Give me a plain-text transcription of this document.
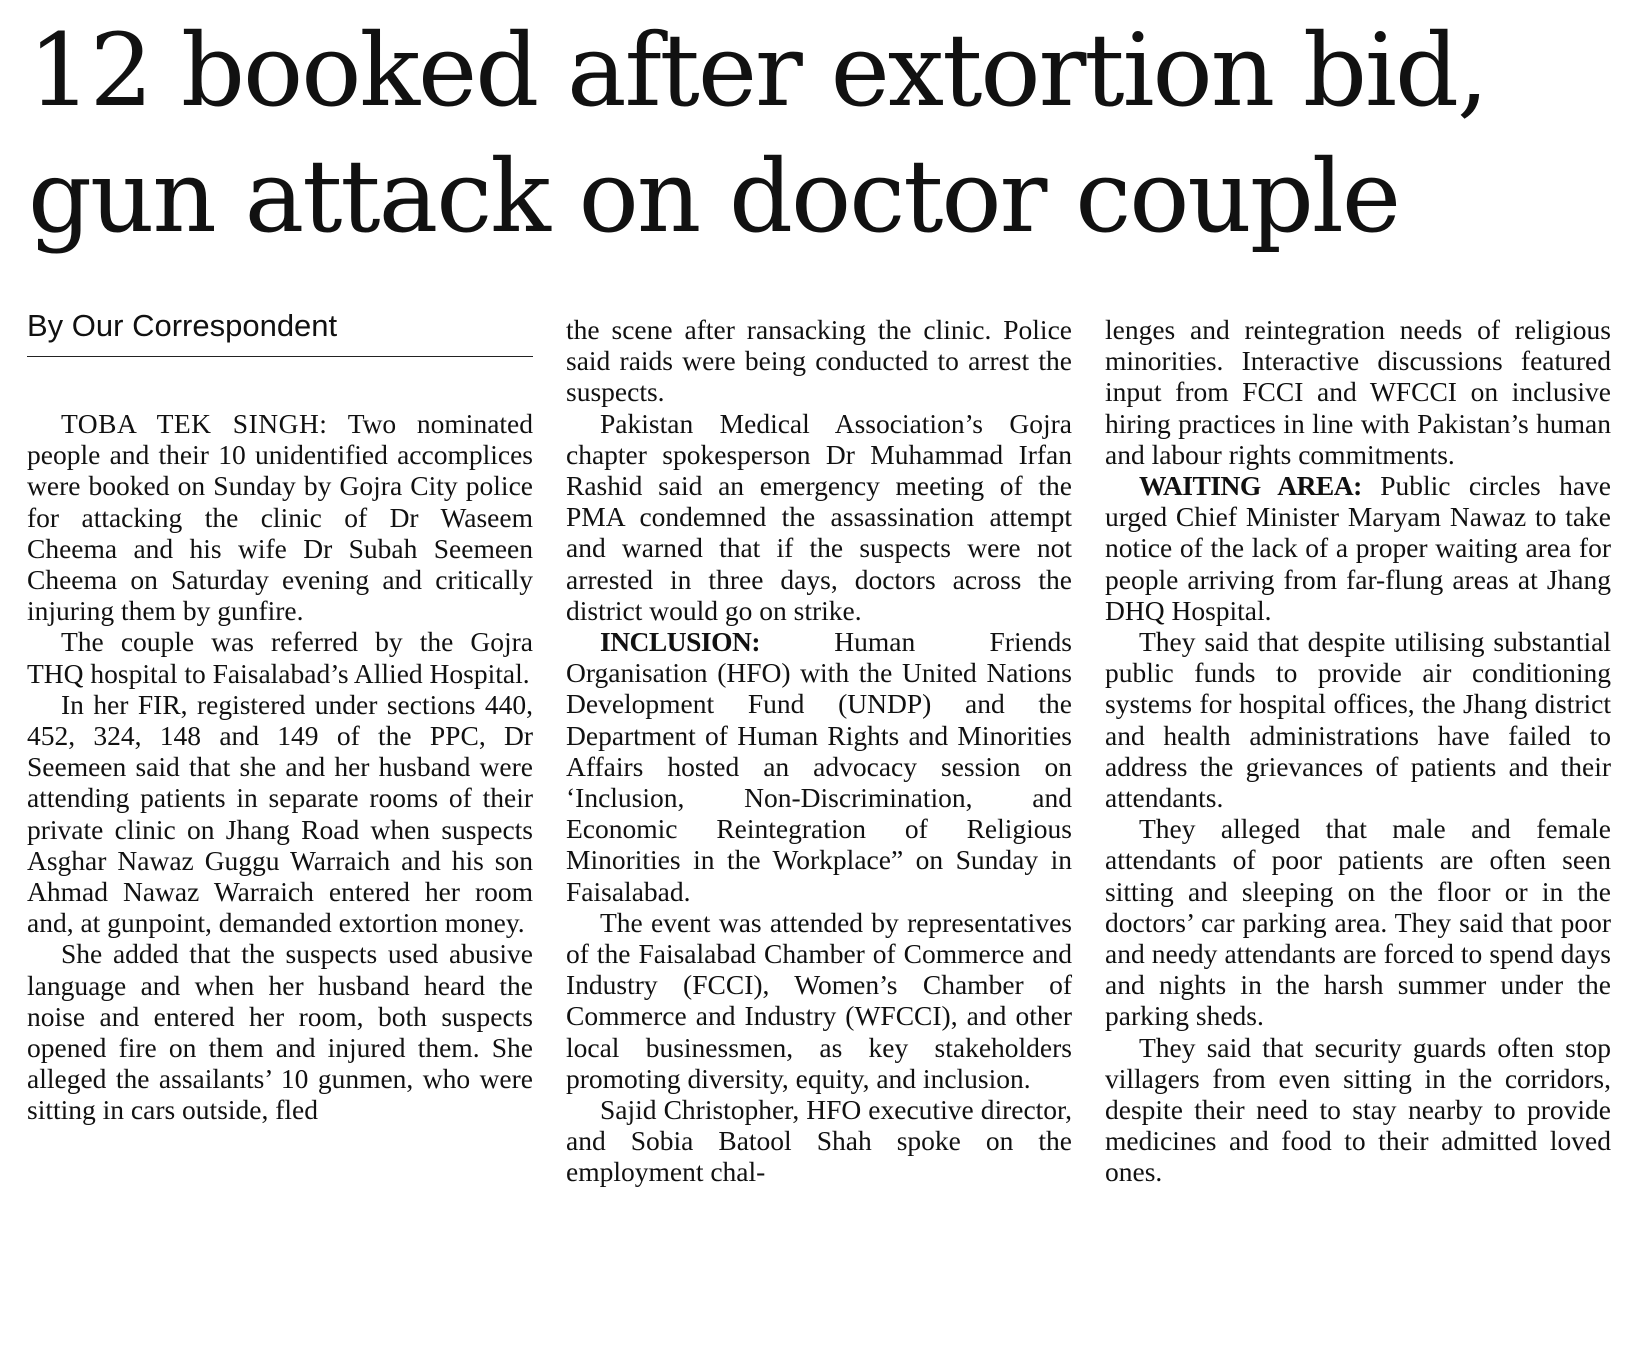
12 booked after extortion bid,
gun attack on doctor couple
By Our Correspondent

TOBA TEK SINGH: Two nominated people and their 10 unidentified accomplices were booked on Sunday by Gojra City police for attacking the clinic of Dr Waseem Cheema and his wife Dr Subah Seemeen Cheema on Saturday evening and critically injuring them by gunfire.

The couple was referred by the Gojra THQ hospital to Faisalabad’s Allied Hospital.

In her FIR, registered under sections 440, 452, 324, 148 and 149 of the PPC, Dr Seemeen said that she and her husband were attending patients in separate rooms of their private clinic on Jhang Road when suspects Asghar Nawaz Guggu Warraich and his son Ahmad Nawaz Warraich entered her room and, at gunpoint, demanded extortion money.

She added that the suspects used abusive language and when her husband heard the noise and entered her room, both suspects opened fire on them and injured them. She alleged the assailants’ 10 gunmen, who were sitting in cars outside, fled

the scene after ransacking the clinic. Police said raids were being conducted to arrest the suspects.

Pakistan Medical Association’s Gojra chapter spokesperson Dr Muhammad Irfan Rashid said an emergency meeting of the PMA condemned the assassination attempt and warned that if the suspects were not arrested in three days, doctors across the district would go on strike.

INCLUSION: Human Friends Organisation (HFO) with the United Nations Development Fund (UNDP) and the Department of Human Rights and Minorities Affairs hosted an advocacy session on ‘Inclusion, Non-Discrimination, and Economic Reintegration of Religious Minorities in the Workplace” on Sunday in Faisalabad.

The event was attended by representatives of the Faisalabad Chamber of Commerce and Industry (FCCI), Women’s Chamber of Commerce and Industry (WFCCI), and other local businessmen, as key stakeholders promoting diversity, equity, and inclusion.

Sajid Christopher, HFO executive director, and Sobia Batool Shah spoke on the employment chal-

lenges and reintegration needs of religious minorities. Interactive discussions featured input from FCCI and WFCCI on inclusive hiring practices in line with Pakistan’s human and labour rights commitments.

WAITING AREA: Public circles have urged Chief Minister Maryam Nawaz to take notice of the lack of a proper waiting area for people arriving from far-flung areas at Jhang DHQ Hospital.

They said that despite utilising substantial public funds to provide air conditioning systems for hospital offices, the Jhang district and health administrations have failed to address the grievances of patients and their attendants.

They alleged that male and female attendants of poor patients are often seen sitting and sleeping on the floor or in the doctors’ car parking area. They said that poor and needy attendants are forced to spend days and nights in the harsh summer under the parking sheds.

They said that security guards often stop villagers from even sitting in the corridors, despite their need to stay nearby to provide medicines and food to their admitted loved ones.
